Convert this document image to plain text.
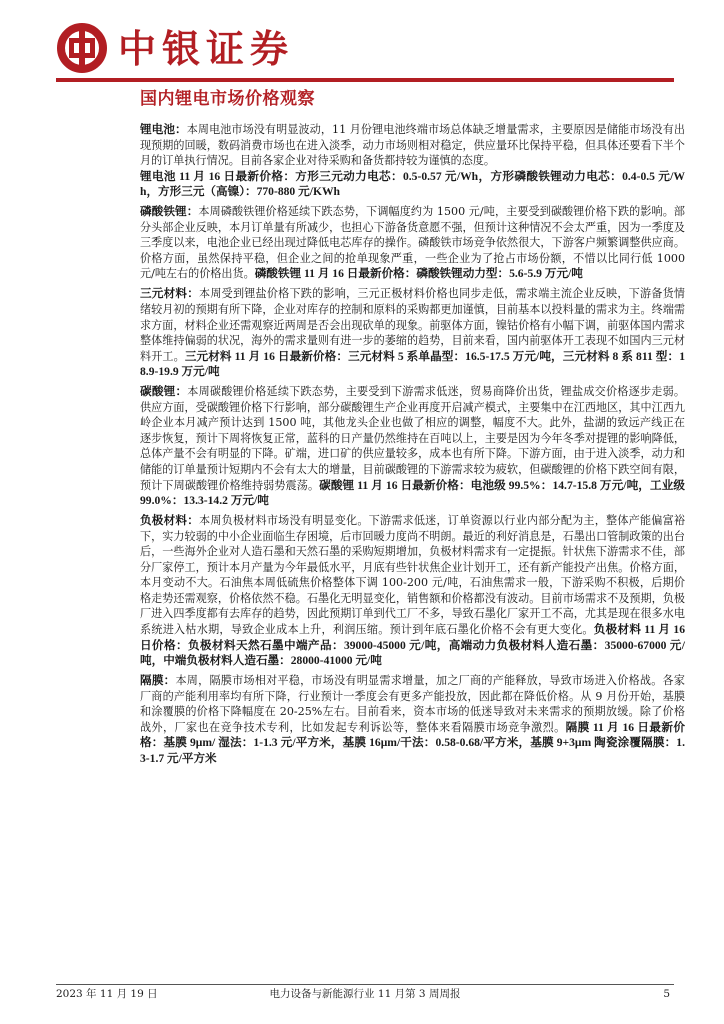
中银证券
国内锂电市场价格观察

锂电池：本周电池市场没有明显波动，11 月份锂电池终端市场总体缺乏增量需求，主要原因是储能市场没有出现预期的回暖，数码消费市场也在进入淡季，动力市场则相对稳定，供应量环比保持平稳，但具体还要看下半个月的订单执行情况。目前各家企业对待采购和备货都持较为谨慎的态度。
锂电池 11 月 16 日最新价格：方形三元动力电芯：0.5-0.57 元/Wh，方形磷酸铁锂动力电芯：0.4-0.5 元/Wh，方形三元（高镍）：770-880 元/KWh

磷酸铁锂：本周磷酸铁锂价格延续下跌态势，下调幅度约为 1500 元/吨，主要受到碳酸锂价格下跌的影响。部分头部企业反映，本月订单量有所减少，也担心下游备货意愿不强，但预计这种情况不会太严重，因为一季度及三季度以来，电池企业已经出现过降低电芯库存的操作。磷酸铁市场竞争依然很大，下游客户频繁调整供应商。价格方面，虽然保持平稳，但企业之间的抢单现象严重，一些企业为了抢占市场份额，不惜以比同行低 1000 元/吨左右的价格出货。磷酸铁锂 11 月 16 日最新价格：磷酸铁锂动力型：5.6-5.9 万元/吨

三元材料：本周受到锂盐价格下跌的影响，三元正极材料价格也同步走低，需求端主流企业反映，下游备货情绪较月初的预期有所下降，企业对库存的控制和原料的采购都更加谨慎，目前基本以投料量的需求为主。终端需求方面，材料企业还需观察近两周是否会出现砍单的现象。前驱体方面，镍钴价格有小幅下调，前驱体国内需求整体维持偏弱的状况，海外的需求量则有进一步的萎缩的趋势，目前来看，国内前驱体开工表现不如国内三元材料开工。三元材料 11 月 16 日最新价格：三元材料 5 系单晶型：16.5-17.5 万元/吨，三元材料 8 系 811 型：18.9-19.9 万元/吨

碳酸锂：本周碳酸锂价格延续下跌态势，主要受到下游需求低迷，贸易商降价出货，锂盐成交价格逐步走弱。供应方面，受碳酸锂价格下行影响，部分碳酸锂生产企业再度开启减产模式，主要集中在江西地区，其中江西九岭企业本月减产预计达到 1500 吨，其他龙头企业也做了相应的调整，幅度不大。此外，盐湖的致远产线正在逐步恢复，预计下周将恢复正常，蓝科的日产量仍然维持在百吨以上，主要是因为今年冬季对提锂的影响降低，总体产量不会有明显的下降。矿端，进口矿的供应量较多，成本也有所下降。下游方面，由于进入淡季，动力和储能的订单量预计短期内不会有太大的增量，目前碳酸锂的下游需求较为疲软，但碳酸锂的价格下跌空间有限，预计下周碳酸锂价格维持弱势震荡。碳酸锂 11 月 16 日最新价格：电池级 99.5%：14.7-15.8 万元/吨，工业级 99.0%：13.3-14.2 万元/吨

负极材料：本周负极材料市场没有明显变化。下游需求低迷，订单资源以行业内部分配为主，整体产能偏富裕下，实力较弱的中小企业面临生存困境，后市回暖力度尚不明朗。最近的利好消息是，石墨出口管制政策的出台后，一些海外企业对人造石墨和天然石墨的采购短期增加，负极材料需求有一定提振。针状焦下游需求不佳，部分厂家停工，预计本月产量为今年最低水平，月底有些针状焦企业计划开工，还有新产能投产出焦。价格方面，本月变动不大。石油焦本周低硫焦价格整体下调 100-200 元/吨，石油焦需求一般，下游采购不积极，后期价格走势还需观察，价格依然不稳。石墨化无明显变化，销售额和价格都没有波动。目前市场需求不及预期，负极厂进入四季度都有去库存的趋势，因此预期订单到代工厂不多，导致石墨化厂家开工不高，尤其是现在很多水电系统进入枯水期，导致企业成本上升，利润压缩。预计到年底石墨化价格不会有更大变化。负极材料 11 月 16 日价格：负极材料天然石墨中端产品：39000-45000 元/吨，高端动力负极材料人造石墨：35000-67000 元/吨，中端负极材料人造石墨：28000-41000 元/吨

隔膜：本周，隔膜市场相对平稳，市场没有明显需求增量，加之厂商的产能释放，导致市场进入价格战。各家厂商的产能利用率均有所下降，行业预计一季度会有更多产能投放，因此都在降低价格。从 9 月份开始，基膜和涂覆膜的价格下降幅度在 20-25%左右。目前看来，资本市场的低迷导致对未来需求的预期放缓。除了价格战外，厂家也在竞争技术专利，比如发起专利诉讼等，整体来看隔膜市场竞争激烈。隔膜 11 月 16 日最新价格：基膜 9μm/ 湿法：1-1.3 元/平方米，基膜 16μm/干法：0.58-0.68/平方米，基膜 9+3μm 陶瓷涂覆隔膜：1.3-1.7 元/平方米

2023 年 11 月 19 日	电力设备与新能源行业 11 月第 3 周周报	5
